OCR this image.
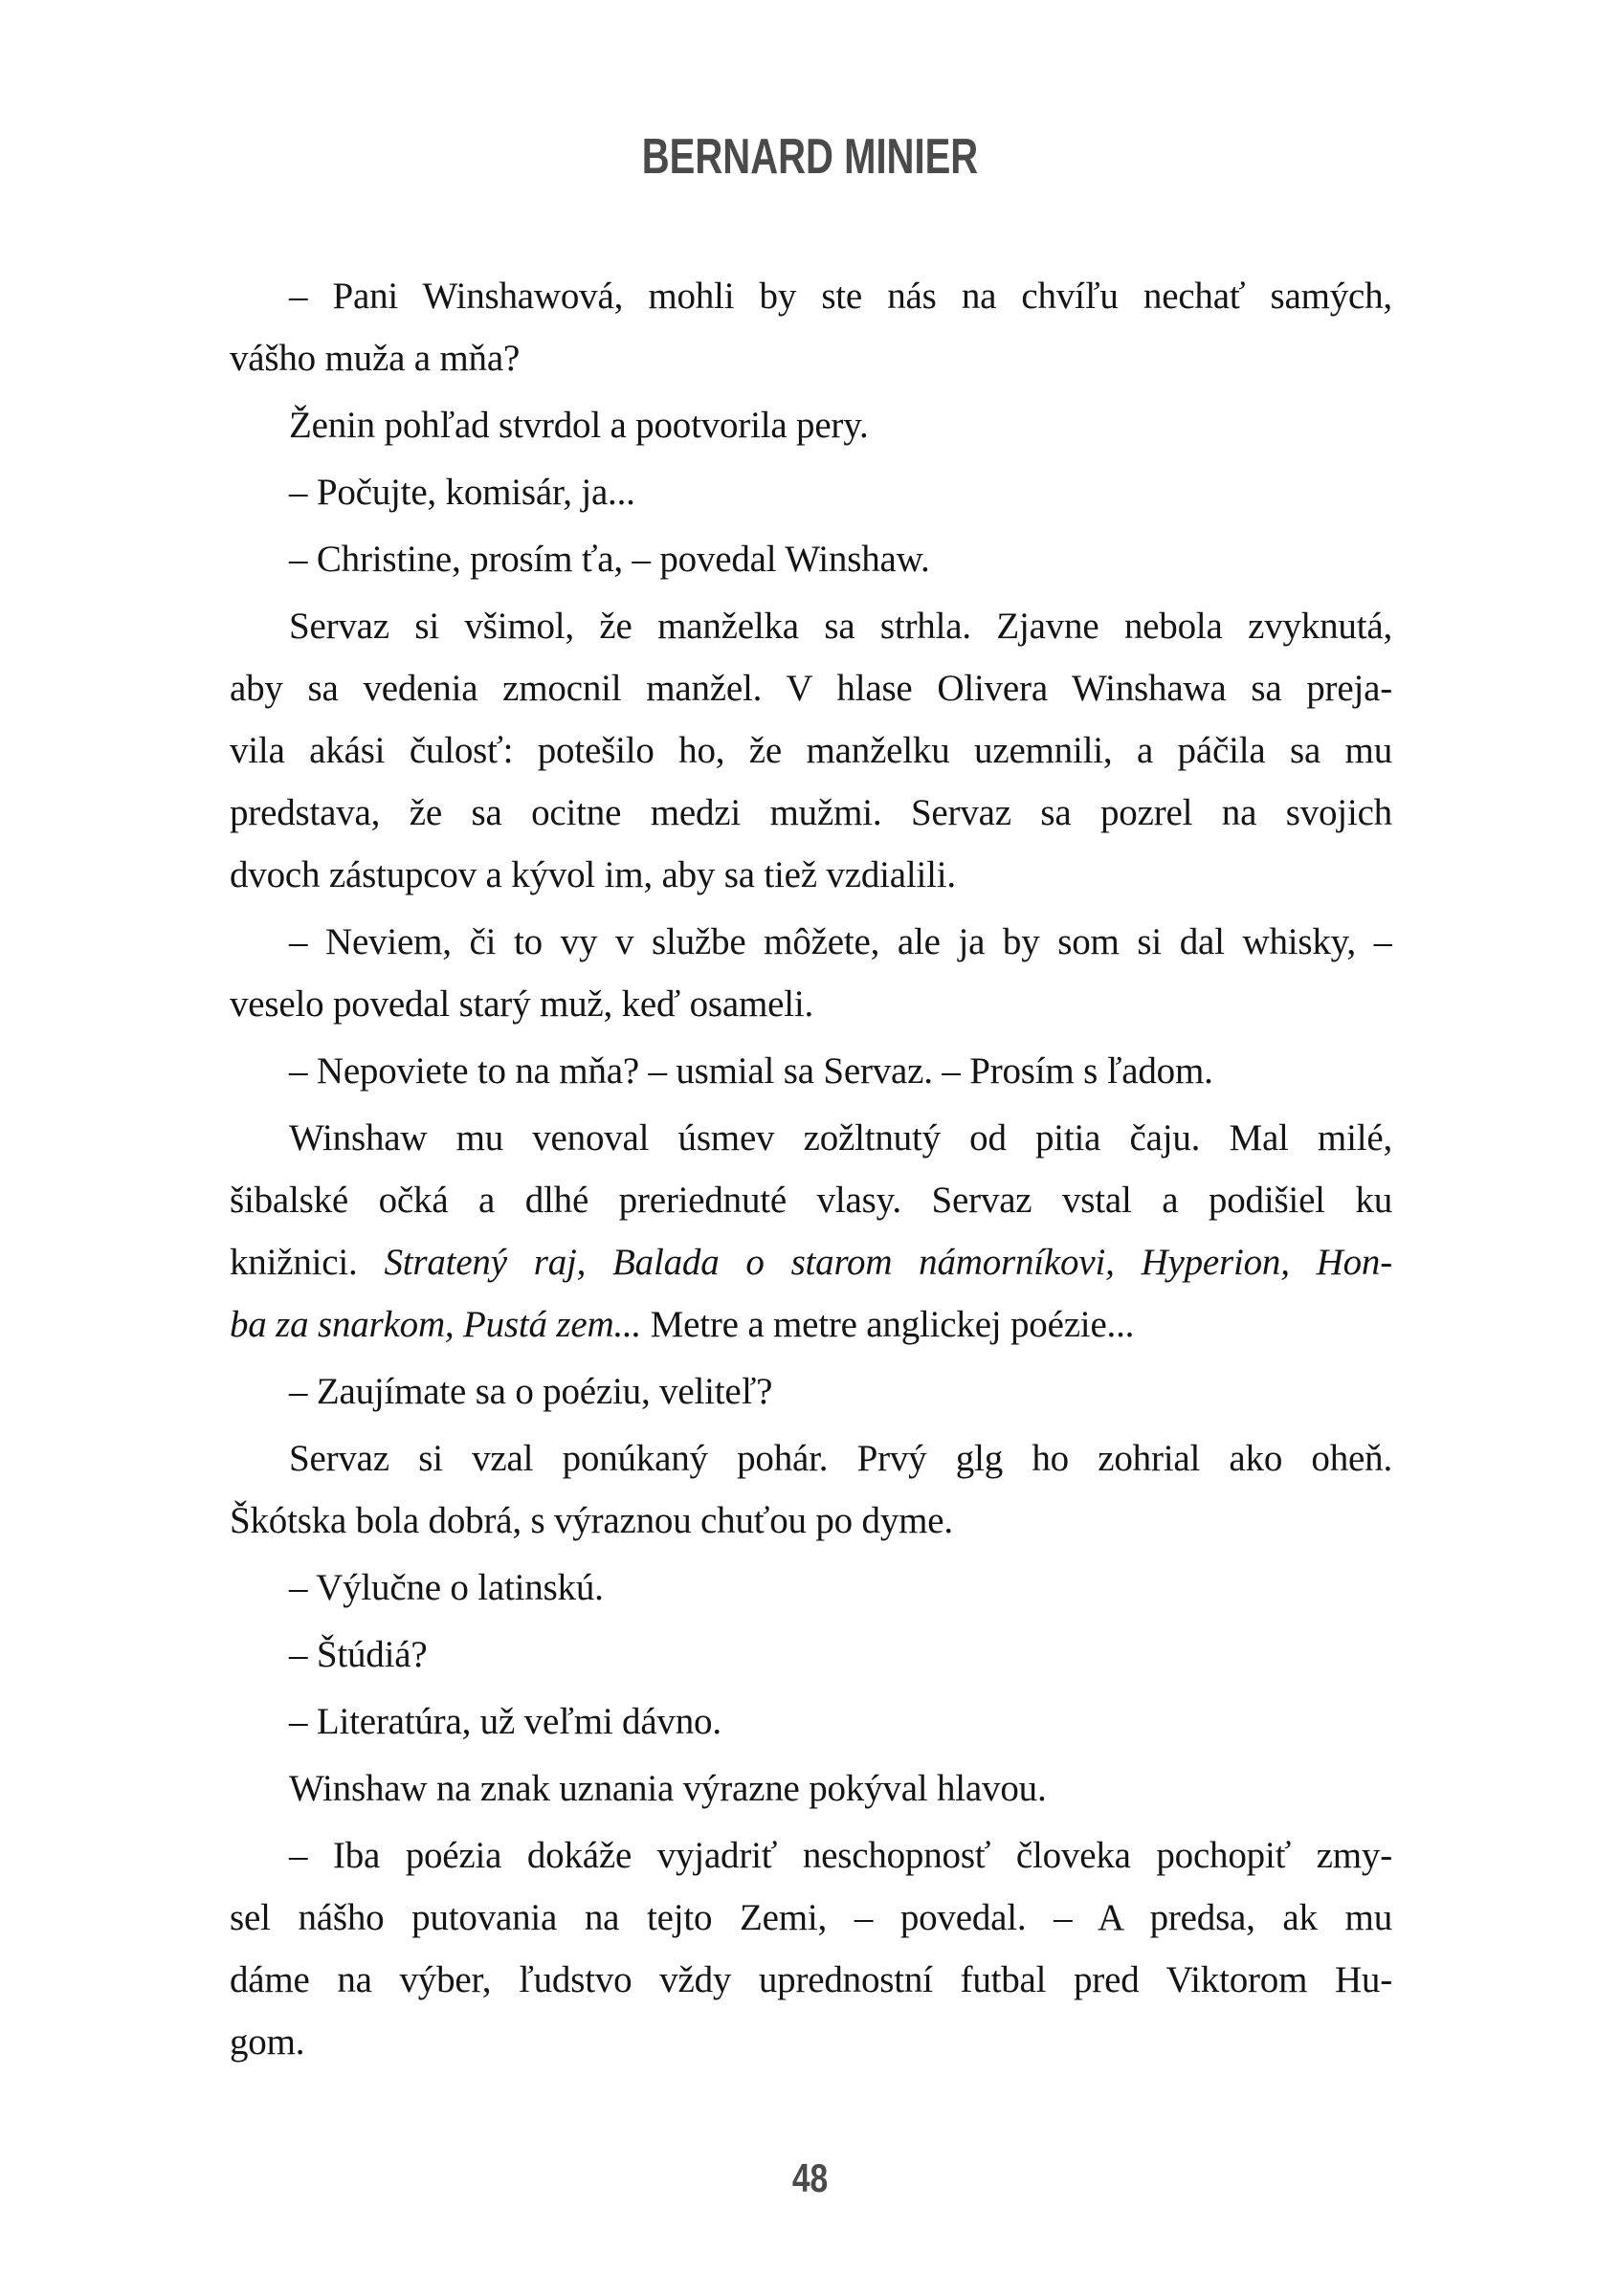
BERNARD MINIER
– Pani Winshawová, mohli by ste nás na chvíľu nechať samých,
vášho muža a mňa?
Ženin pohľad stvrdol a pootvorila pery.
– Počujte, komisár, ja...
– Christine, prosím ťa, – povedal Winshaw.
Servaz si všimol, že manželka sa strhla. Zjavne nebola zvyknutá,
aby sa vedenia zmocnil manžel. V hlase Olivera Winshawa sa preja-
vila akási čulosť: potešilo ho, že manželku uzemnili, a páčila sa mu
predstava, že sa ocitne medzi mužmi. Servaz sa pozrel na svojich
dvoch zástupcov a kývol im, aby sa tiež vzdialili.
– Neviem, či to vy v službe môžete, ale ja by som si dal whisky, –
veselo povedal starý muž, keď osameli.
– Nepoviete to na mňa? – usmial sa Servaz. – Prosím s ľadom.
Winshaw mu venoval úsmev zožltnutý od pitia čaju. Mal milé,
šibalské očká a dlhé preriednuté vlasy. Servaz vstal a podišiel ku
knižnici. Stratený raj, Balada o starom námorníkovi, Hyperion, Hon-
ba za snarkom, Pustá zem... Metre a metre anglickej poézie...
– Zaujímate sa o poéziu, veliteľ?
Servaz si vzal ponúkaný pohár. Prvý glg ho zohrial ako oheň.
Škótska bola dobrá, s výraznou chuťou po dyme.
– Výlučne o latinskú.
– Štúdiá?
– Literatúra, už veľmi dávno.
Winshaw na znak uznania výrazne pokýval hlavou.
– Iba poézia dokáže vyjadriť neschopnosť človeka pochopiť zmy-
sel nášho putovania na tejto Zemi, – povedal. – A predsa, ak mu
dáme na výber, ľudstvo vždy uprednostní futbal pred Viktorom Hu-
gom.
48
